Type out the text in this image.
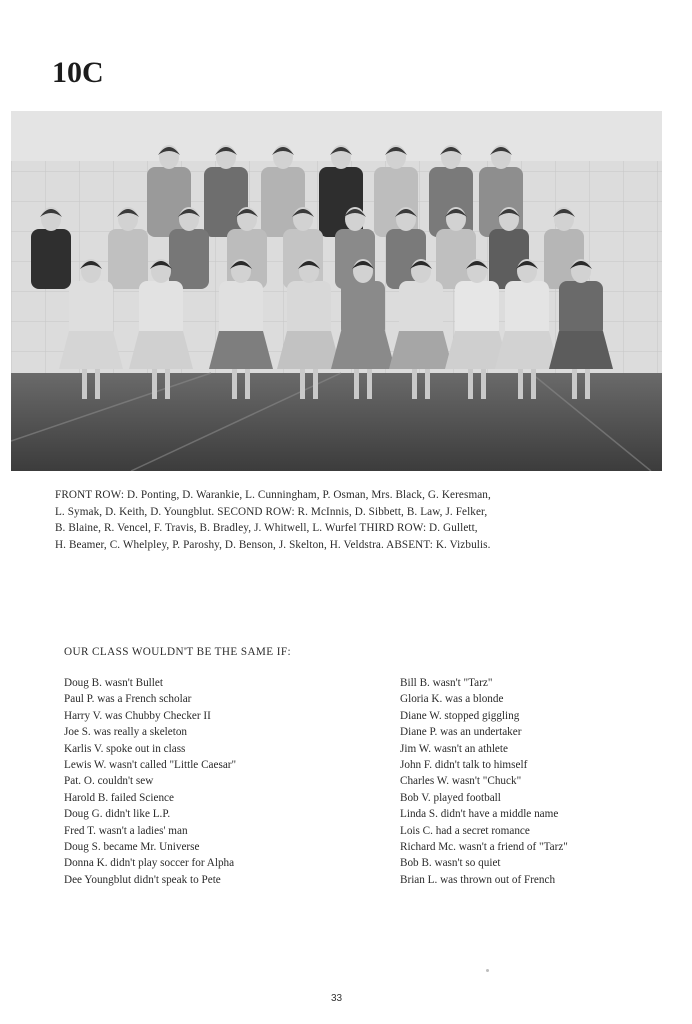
10C
FRONT ROW: D. Ponting, D. Warankie, L. Cunningham, P. Osman, Mrs. Black, G. Keresman,
L. Symak, D. Keith, D. Youngblut. SECOND ROW: R. McInnis, D. Sibbett, B. Law, J. Felker,
B. Blaine, R. Vencel, F. Travis, B. Bradley, J. Whitwell, L. Wurfel THIRD ROW: D. Gullett,
H. Beamer, C. Whelpley, P. Paroshy, D. Benson, J. Skelton, H. Veldstra. ABSENT: K. Vizbulis.
OUR CLASS WOULDN'T BE THE SAME IF:
Doug B. wasn't Bullet
Paul P. was a French scholar
Harry V. was Chubby Checker II
Joe S. was really a skeleton
Karlis V. spoke out in class
Lewis W. wasn't called "Little Caesar"
Pat. O. couldn't sew
Harold B. failed Science
Doug G. didn't like L.P.
Fred T. wasn't a ladies' man
Doug S. became Mr. Universe
Donna K. didn't play soccer for Alpha
Dee Youngblut didn't speak to Pete
Bill B. wasn't "Tarz"
Gloria K. was a blonde
Diane W. stopped giggling
Diane P. was an undertaker
Jim W. wasn't an athlete
John F. didn't talk to himself
Charles W. wasn't "Chuck"
Bob V. played football
Linda S. didn't have a middle name
Lois C. had a secret romance
Richard Mc. wasn't a friend of "Tarz"
Bob B. wasn't so quiet
Brian L. was thrown out of French
33
